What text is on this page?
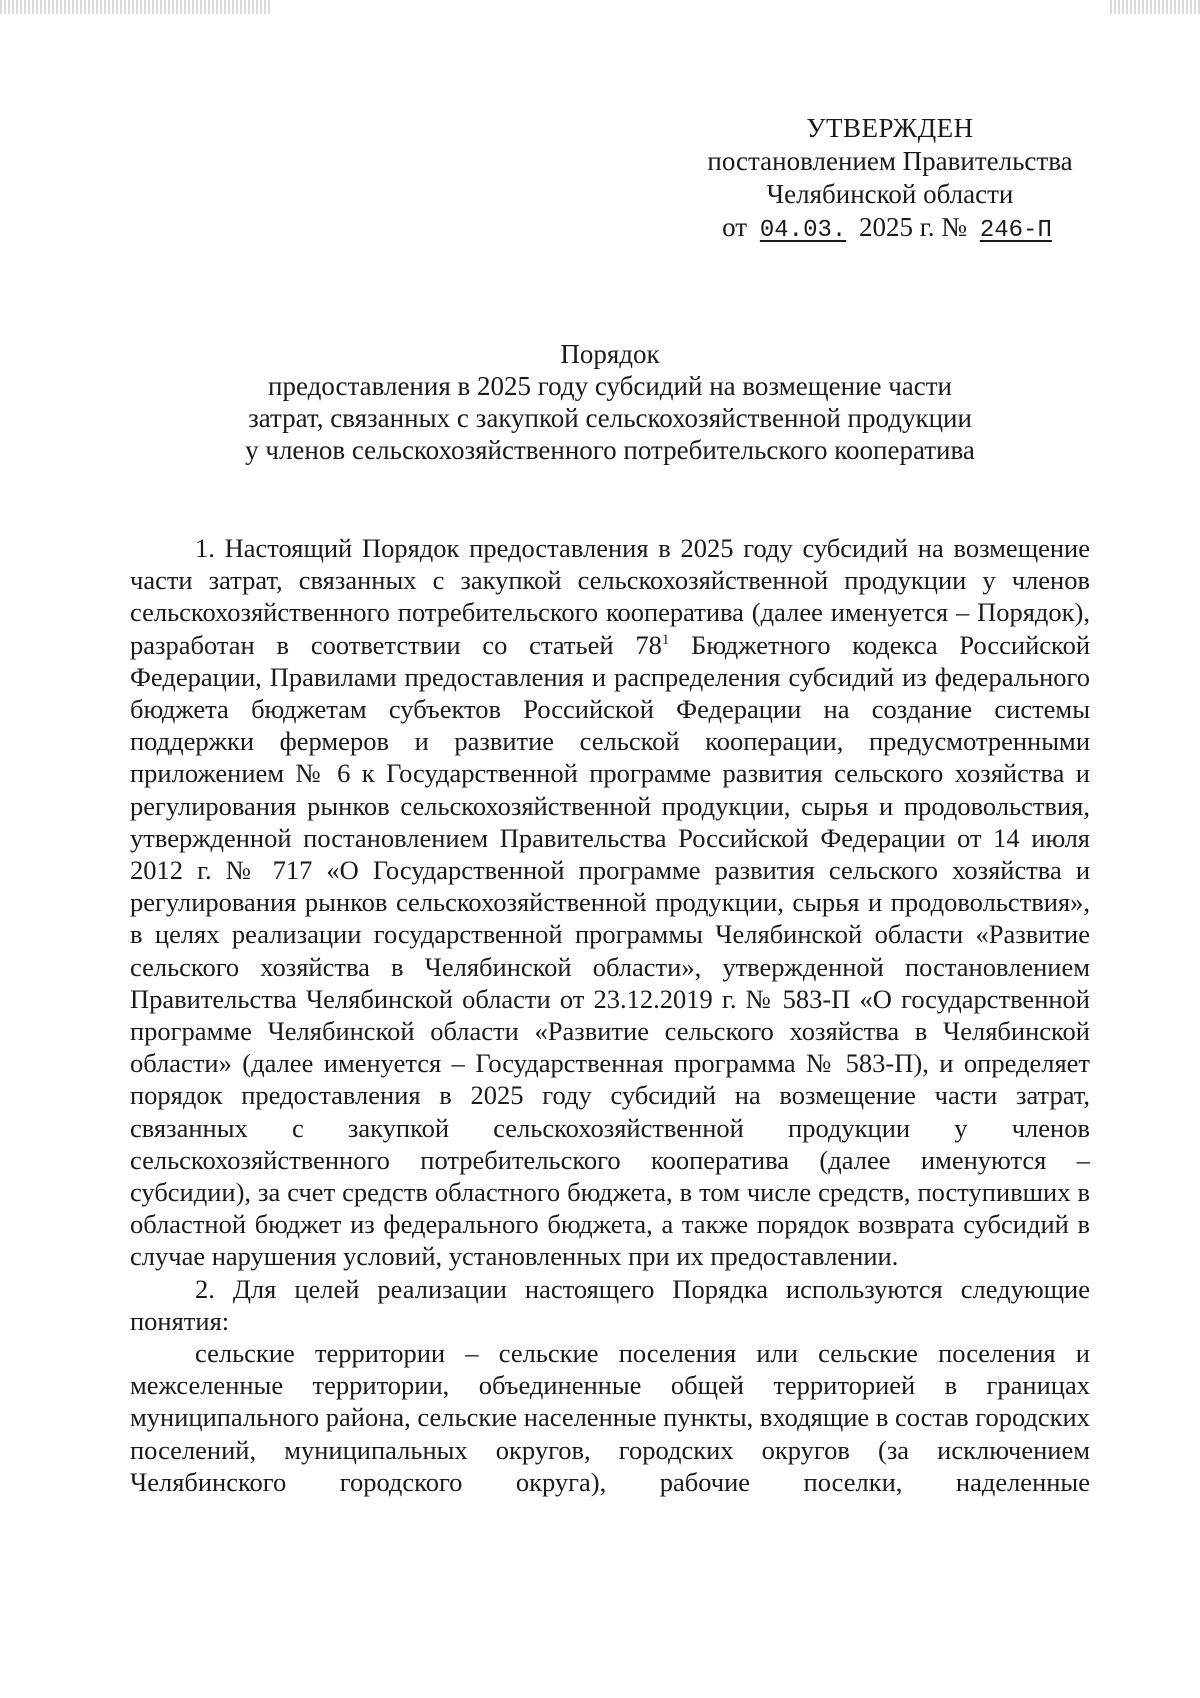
УТВЕРЖДЕН
постановлением Правительства
Челябинской области
от 04.03. 2025 г. № 246-П
Порядок
предоставления в 2025 году субсидий на возмещение части
затрат, связанных с закупкой сельскохозяйственной продукции
у членов сельскохозяйственного потребительского кооператива

1. Настоящий Порядок предоставления в 2025 году субсидий на возмещение части затрат, связанных с закупкой сельскохозяйственной продукции у членов сельскохозяйственного потребительского кооператива (далее именуется – Порядок), разработан в соответствии со статьей $78^1$ Бюджетного кодекса Российской Федерации, Правилами предоставления и распределения субсидий из федерального бюджета бюджетам субъектов Российской Федерации на создание системы поддержки фермеров и развитие сельской кооперации, предусмотренными приложением № 6 к Государственной программе развития сельского хозяйства и регулирования рынков сельскохозяйственной продукции, сырья и продовольствия, утвержденной постановлением Правительства Российской Федерации от 14 июля 2012 г. № 717 «О Государственной программе развития сельского хозяйства и регулирования рынков сельскохозяйственной продукции, сырья и продовольствия», в целях реализации государственной программы Челябинской области «Развитие сельского хозяйства в Челябинской области», утвержденной постановлением Правительства Челябинской области от 23.12.2019 г. № 583-П «О государственной программе Челябинской области «Развитие сельского хозяйства в Челябинской области» (далее именуется – Государственная программа № 583-П), и определяет порядок предоставления в 2025 году субсидий на возмещение части затрат, связанных с закупкой сельскохозяйственной продукции у членов сельскохозяйственного потребительского кооператива (далее именуются – субсидии), за счет средств областного бюджета, в том числе средств, поступивших в областной бюджет из федерального бюджета, а также порядок возврата субсидий в случае нарушения условий, установленных при их предоставлении.

2. Для целей реализации настоящего Порядка используются следующие понятия:

сельские территории – сельские поселения или сельские поселения и межселенные территории, объединенные общей территорией в границах муниципального района, сельские населенные пункты, входящие в состав городских поселений, муниципальных округов, городских округов (за исключением Челябинского городского округа), рабочие поселки, наделенные
